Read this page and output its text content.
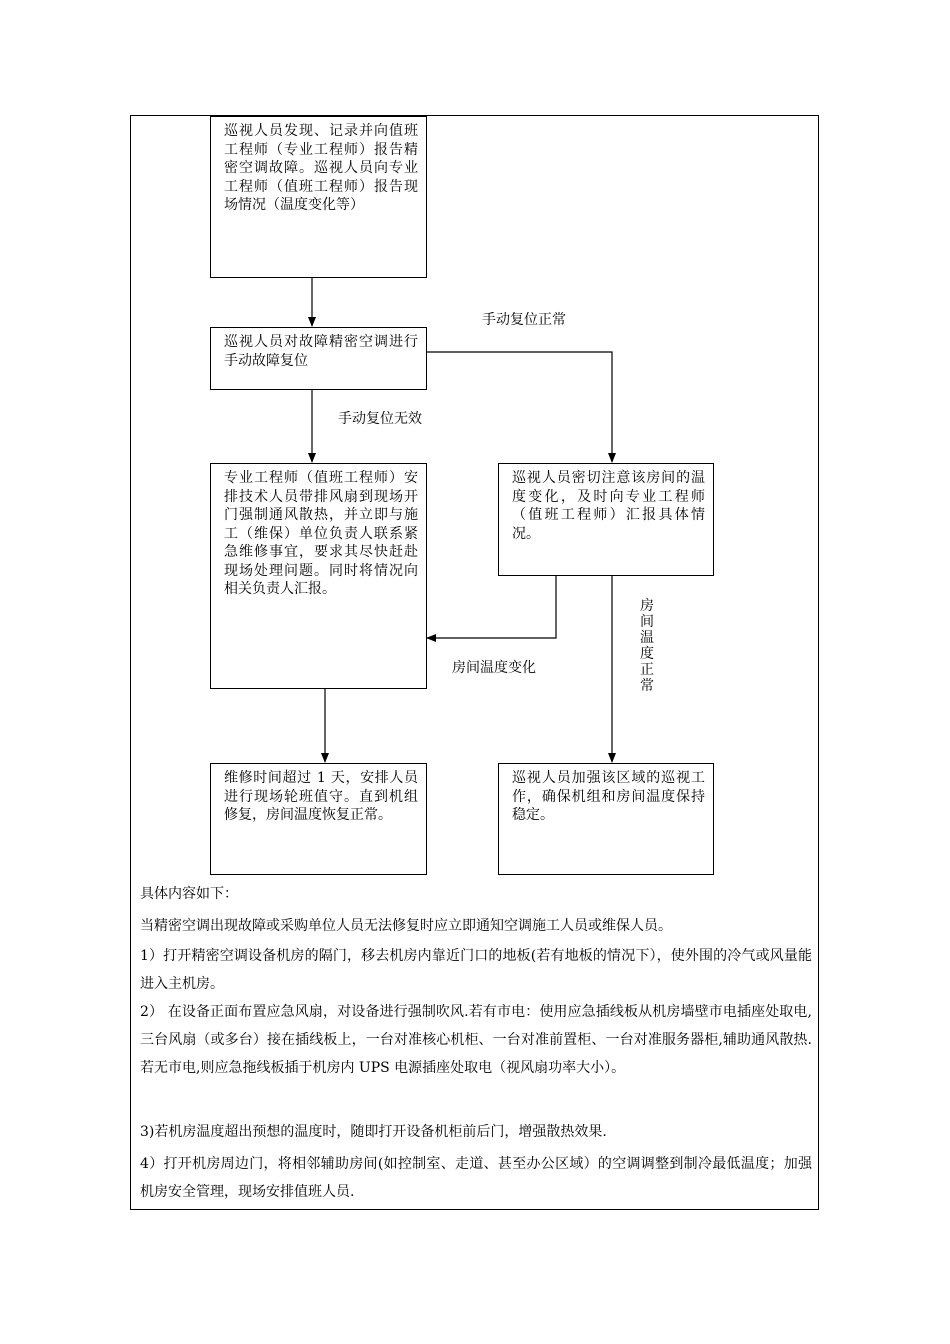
巡视人员发现、记录并向值班工程师（专业工程师）报告精密空调故障。巡视人员向专业工程师（值班工程师）报告现场情况（温度变化等）
巡视人员对故障精密空调进行手动故障复位
专业工程师（值班工程师）安排技术人员带排风扇到现场开门强制通风散热，并立即与施工（维保）单位负责人联系紧急维修事宜，要求其尽快赶赴现场处理问题。同时将情况向相关负责人汇报。
巡视人员密切注意该房间的温度变化，及时向专业工程师（值班工程师）汇报具体情况。
维修时间超过 1 天，安排人员进行现场轮班值守。直到机组修复，房间温度恢复正常。
巡视人员加强该区域的巡视工作，确保机组和房间温度保持稳定。
手动复位正常
手动复位无效
房间温度变化
房间温度正常

具体内容如下：

当精密空调出现故障或采购单位人员无法修复时应立即通知空调施工人员或维保人员。

1）打开精密空调设备机房的隔门，移去机房内靠近门口的地板(若有地板的情况下），使外围的冷气或风量能进入主机房。

2） 在设备正面布置应急风扇，对设备进行强制吹风.若有市电：使用应急插线板从机房墙壁市电插座处取电,三台风扇（或多台）接在插线板上，一台对准核心机柜、一台对准前置柜、一台对准服务器柜,辅助通风散热.若无市电,则应急拖线板插于机房内 UPS 电源插座处取电（视风扇功率大小）。

3)若机房温度超出预想的温度时，随即打开设备机柜前后门，增强散热效果.

4）打开机房周边门，将相邻辅助房间(如控制室、走道、甚至办公区域）的空调调整到制冷最低温度；加强机房安全管理，现场安排值班人员.
